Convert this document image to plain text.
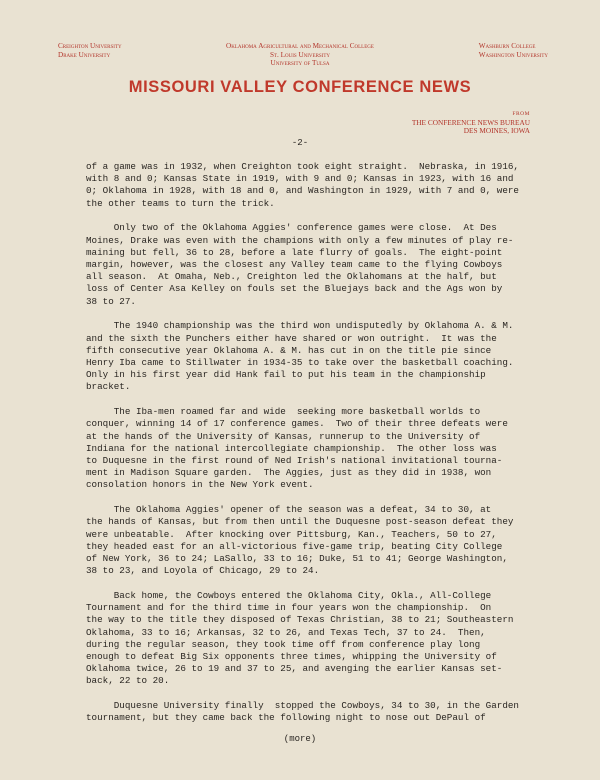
Creighton University
Drake University
Oklahoma Agricultural and Mechanical College
St. Louis University
University of Tulsa
Washburn College
Washington University
MISSOURI VALLEY CONFERENCE NEWS
FROM
THE CONFERENCE NEWS BUREAU
DES MOINES, IOWA
-2-

of a game was in 1932, when Creighton took eight straight.  Nebraska, in 1916,
with 8 and 0; Kansas State in 1919, with 9 and 0; Kansas in 1923, with 16 and
0; Oklahoma in 1928, with 18 and 0, and Washington in 1929, with 7 and 0, were
the other teams to turn the trick.

Only two of the Oklahoma Aggies' conference games were close.  At Des
Moines, Drake was even with the champions with only a few minutes of play re-
maining but fell, 36 to 28, before a late flurry of goals.  The eight-point
margin, however, was the closest any Valley team came to the flying Cowboys
all season.  At Omaha, Neb., Creighton led the Oklahomans at the half, but
loss of Center Asa Kelley on fouls set the Bluejays back and the Ags won by
38 to 27.

The 1940 championship was the third won undisputedly by Oklahoma A. & M.
and the sixth the Punchers either have shared or won outright.  It was the
fifth consecutive year Oklahoma A. & M. has cut in on the title pie since
Henry Iba came to Stillwater in 1934-35 to take over the basketball coaching.
Only in his first year did Hank fail to put his team in the championship
bracket.

The Iba-men roamed far and wide  seeking more basketball worlds to
conquer, winning 14 of 17 conference games.  Two of their three defeats were
at the hands of the University of Kansas, runnerup to the University of
Indiana for the national intercollegiate championship.  The other loss was
to Duquesne in the first round of Ned Irish's national invitational tourna-
ment in Madison Square garden.  The Aggies, just as they did in 1938, won
consolation honors in the New York event.

The Oklahoma Aggies' opener of the season was a defeat, 34 to 30, at
the hands of Kansas, but from then until the Duquesne post-season defeat they
were unbeatable.  After knocking over Pittsburg, Kan., Teachers, 50 to 27,
they headed east for an all-victorious five-game trip, beating City College
of New York, 36 to 24; LaSallo, 33 to 16; Duke, 51 to 41; George Washington,
38 to 23, and Loyola of Chicago, 29 to 24.

Back home, the Cowboys entered the Oklahoma City, Okla., All-College
Tournament and for the third time in four years won the championship.  On
the way to the title they disposed of Texas Christian, 38 to 21; Southeastern
Oklahoma, 33 to 16; Arkansas, 32 to 26, and Texas Tech, 37 to 24.  Then,
during the regular season, they took time off from conference play long
enough to defeat Big Six opponents three times, whipping the University of
Oklahoma twice, 26 to 19 and 37 to 25, and avenging the earlier Kansas set-
back, 22 to 20.

Duquesne University finally  stopped the Cowboys, 34 to 30, in the Garden
tournament, but they came back the following night to nose out DePaul of

(more)
